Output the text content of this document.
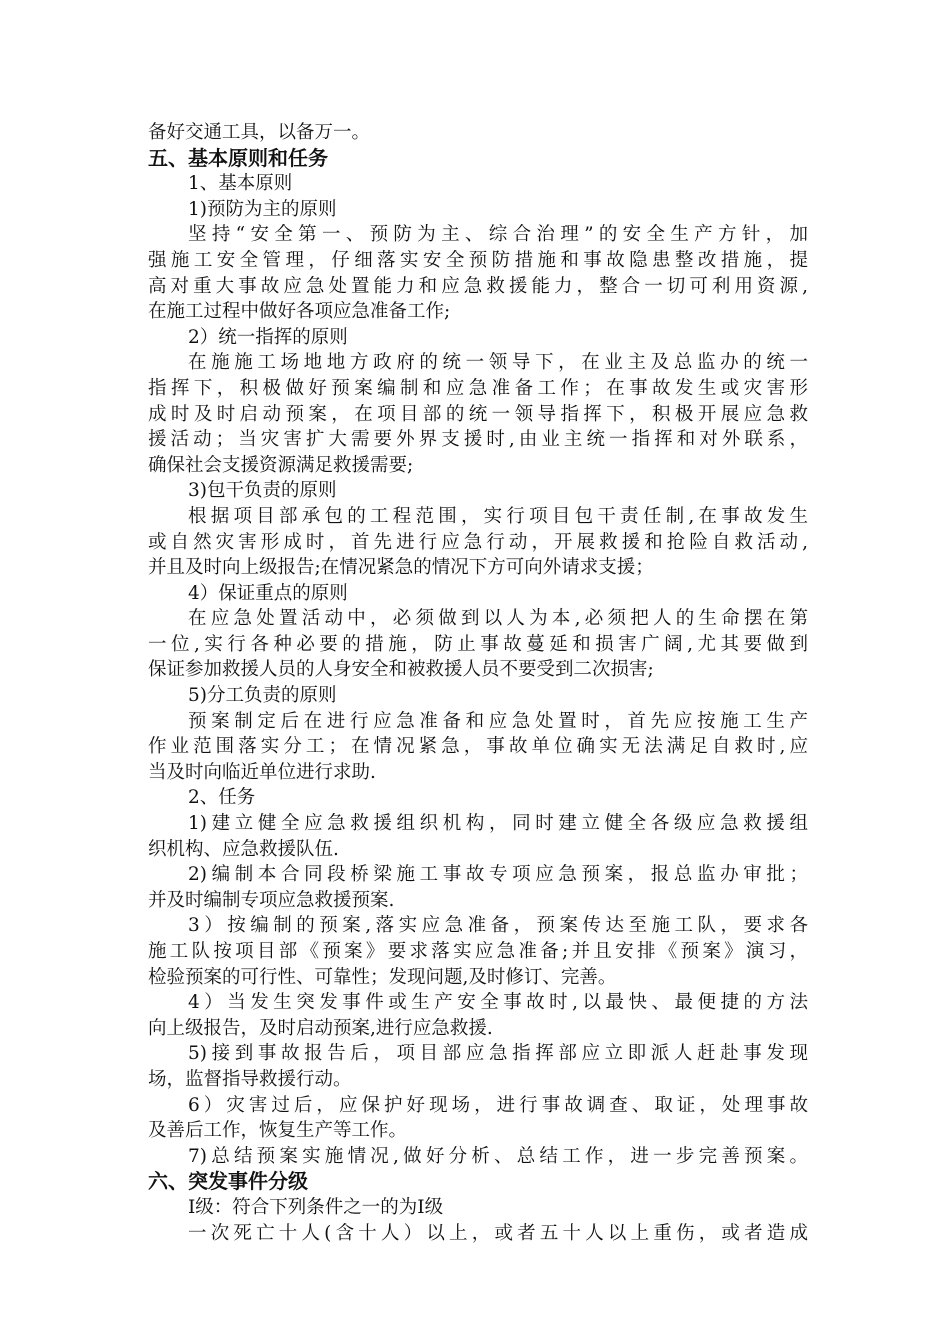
备好交通工具，以备万一。
五、基本原则和任务
1、基本原则
1)预防为主的原则
坚持“安全第一、预防为主、综合治理”的安全生产方针，加
强施工安全管理，仔细落实安全预防措施和事故隐患整改措施，提
高对重大事故应急处置能力和应急救援能力，整合一切可利用资源,
在施工过程中做好各项应急准备工作;
2）统一指挥的原则
在施施工场地地方政府的统一领导下，在业主及总监办的统一
指挥下，积极做好预案编制和应急准备工作；在事故发生或灾害形
成时及时启动预案，在项目部的统一领导指挥下，积极开展应急救
援活动；当灾害扩大需要外界支援时,由业主统一指挥和对外联系，
确保社会支援资源满足救援需要;
3)包干负责的原则
根据项目部承包的工程范围，实行项目包干责任制,在事故发生
或自然灾害形成时，首先进行应急行动，开展救援和抢险自救活动,
并且及时向上级报告;在情况紧急的情况下方可向外请求支援；
4）保证重点的原则
在应急处置活动中，必须做到以人为本,必须把人的生命摆在第
一位,实行各种必要的措施，防止事故蔓延和损害广阔,尤其要做到
保证参加救援人员的人身安全和被救援人员不要受到二次损害;
5)分工负责的原则
预案制定后在进行应急准备和应急处置时，首先应按施工生产
作业范围落实分工；在情况紧急，事故单位确实无法满足自救时,应
当及时向临近单位进行求助.
2、任务
1)建立健全应急救援组织机构，同时建立健全各级应急救援组
织机构、应急救援队伍.
2)编制本合同段桥梁施工事故专项应急预案，报总监办审批；
并及时编制专项应急救援预案.
3）按编制的预案,落实应急准备，预案传达至施工队，要求各
施工队按项目部《预案》要求落实应急准备;并且安排《预案》演习，
检验预案的可行性、可靠性；发现问题,及时修订、完善。
4）当发生突发事件或生产安全事故时,以最快、最便捷的方法
向上级报告，及时启动预案,进行应急救援.
5)接到事故报告后，项目部应急指挥部应立即派人赶赴事发现
场，监督指导救援行动。
6）灾害过后，应保护好现场，进行事故调查、取证，处理事故
及善后工作，恢复生产等工作。
7)总结预案实施情况,做好分析、总结工作，进一步完善预案。
六、突发事件分级
Ⅰ级：符合下列条件之一的为Ⅰ级
一次死亡十人(含十人）以上，或者五十人以上重伤，或者造成
